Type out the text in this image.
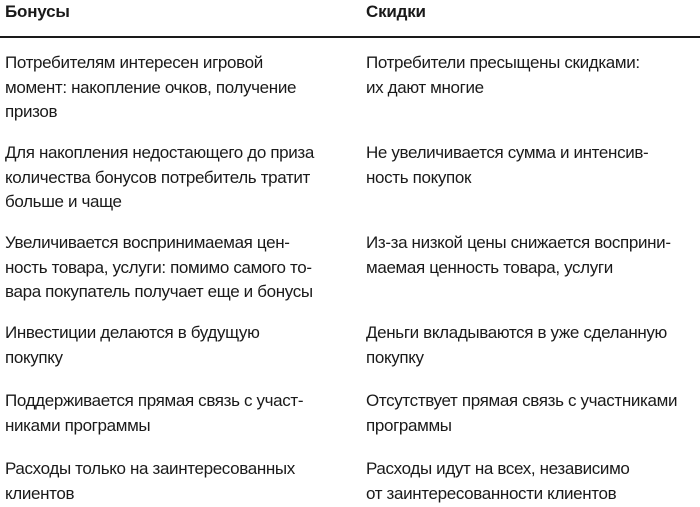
Бонусы	Скидки
Потребителям интересен игровой
момент: накопление очков, получение
призов
Потребители пресыщены скидками:
их дают многие
Для накопления недостающего до приза
количества бонусов потребитель тратит
больше и чаще
Не увеличивается сумма и интенсив-
ность покупок
Увеличивается воспринимаемая цен-
ность товара, услуги: помимо самого то-
вара покупатель получает еще и бонусы
Из-за низкой цены снижается восприни-
маемая ценность товара, услуги
Инвестиции делаются в будущую
покупку
Деньги вкладываются в уже сделанную
покупку
Поддерживается прямая связь с участ-
никами программы
Отсутствует прямая связь с участниками
программы
Расходы только на заинтересованных
клиентов
Расходы идут на всех, независимо
от заинтересованности клиентов
